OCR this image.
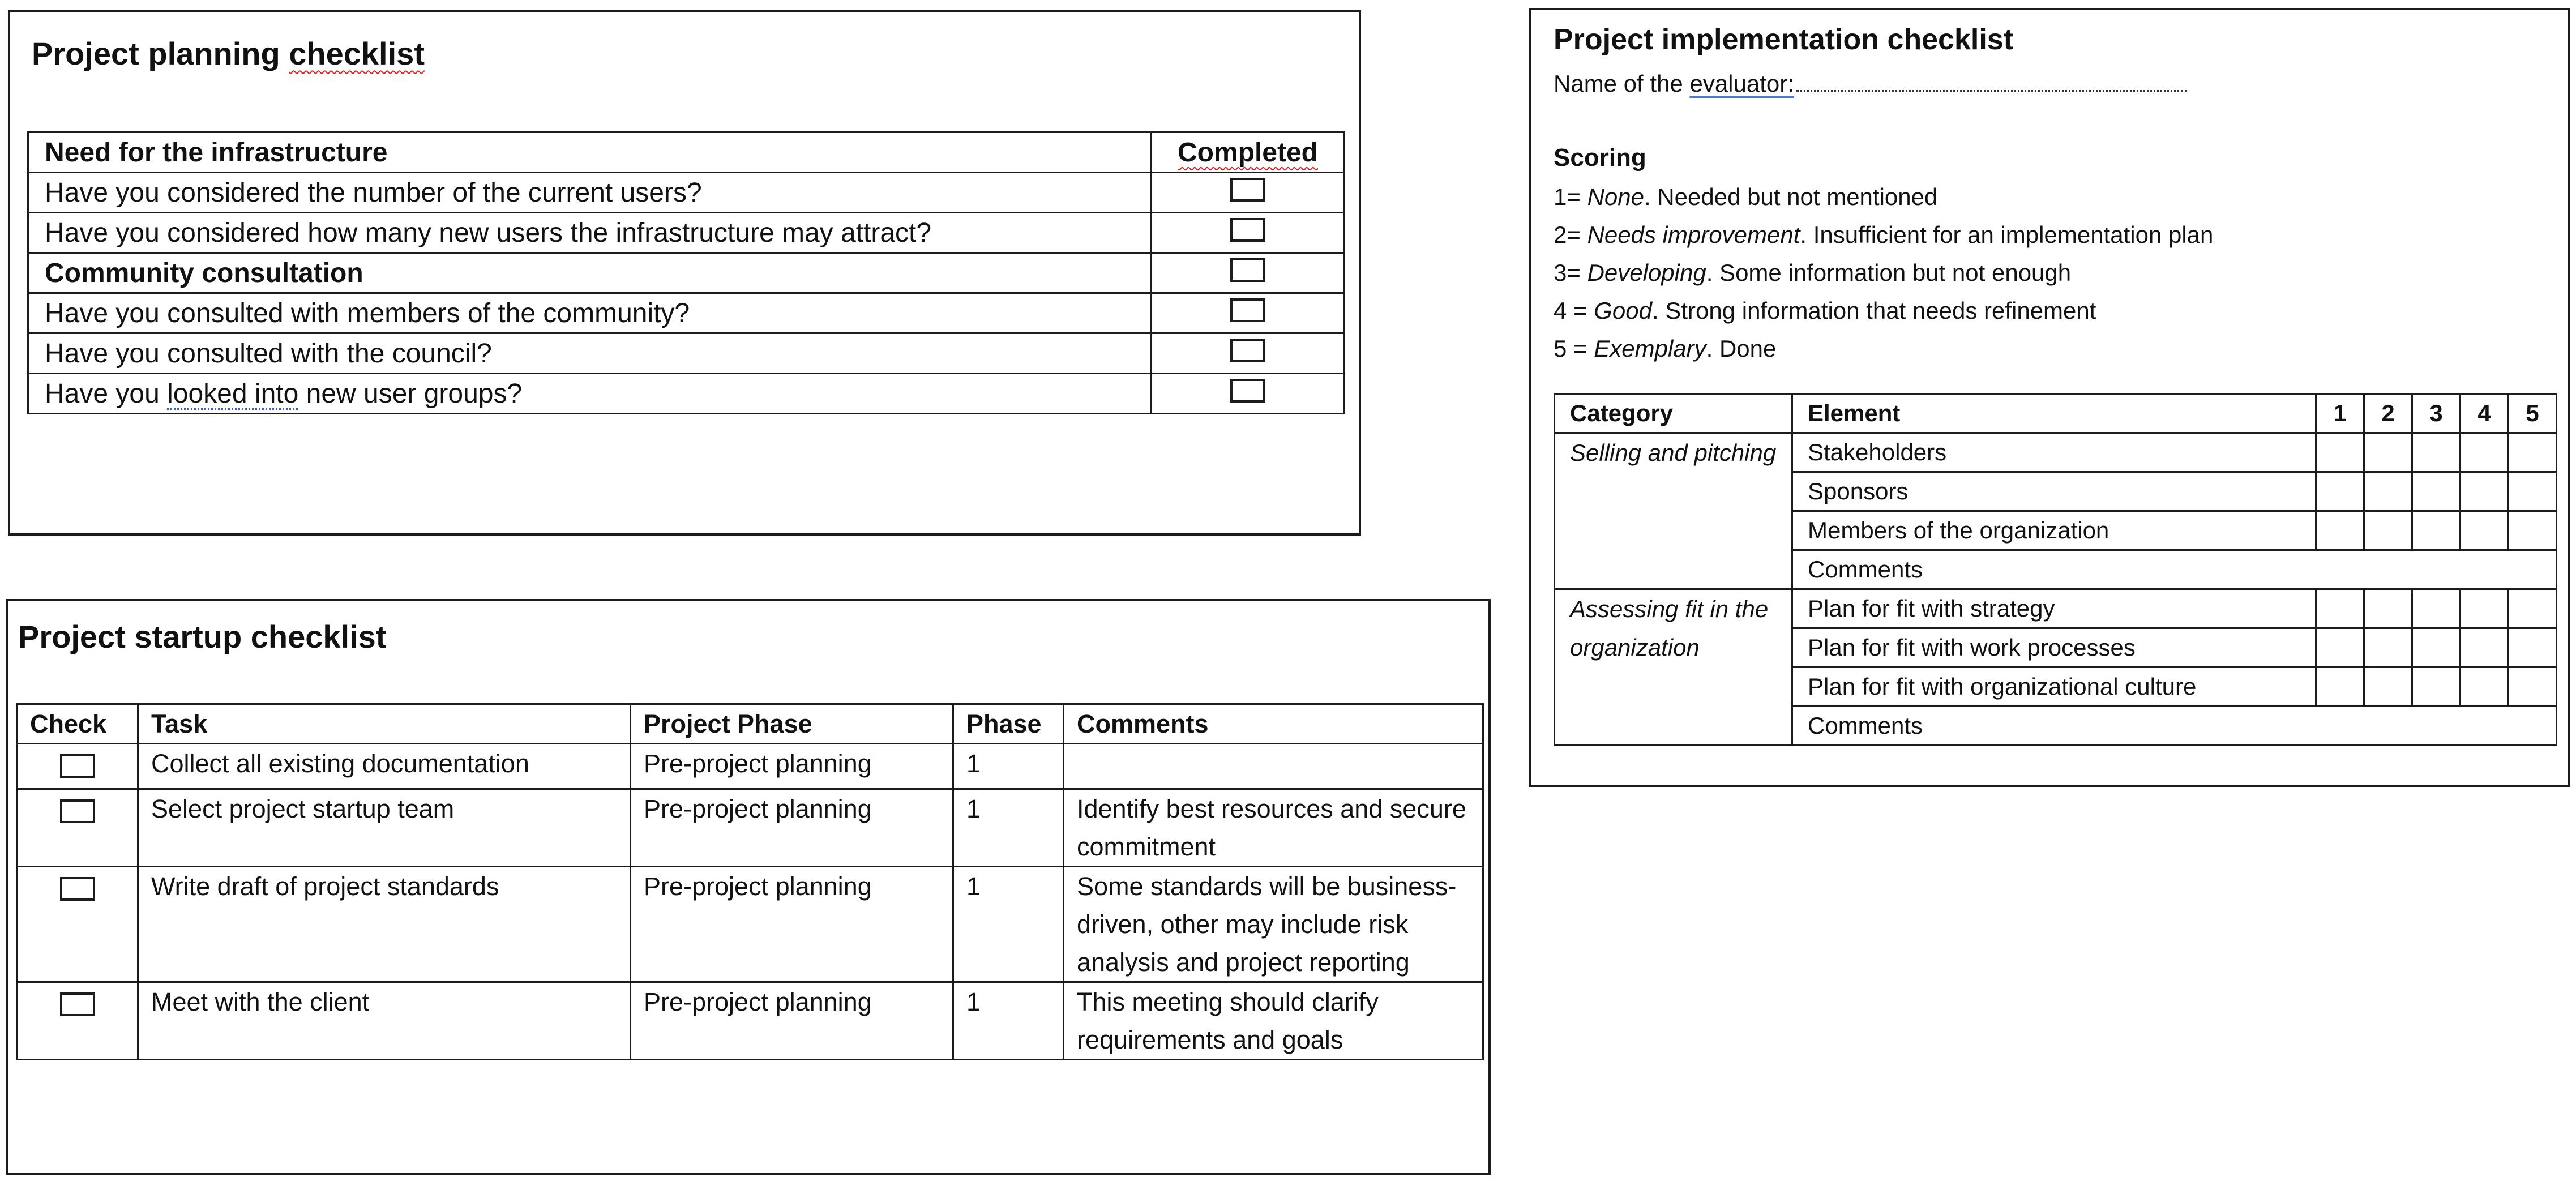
Project planning checklist
Need for the infrastructure	Completed
Have you considered the number of the current users?	
Have you considered how many new users the infrastructure may attract?	
Community consultation	
Have you consulted with members of the community?	
Have you consulted with the council?	
Have you looked into new user groups?	
Project startup checklist
Check	Task	Project Phase	Phase	Comments
	Collect all existing documentation	Pre-project planning	1	
	Select project startup team	Pre-project planning	1	Identify best resources and secure commitment
	Write draft of project standards	Pre-project planning	1	Some standards will be business-driven, other may include risk analysis and project reporting
	Meet with the client	Pre-project planning	1	This meeting should clarify requirements and goals
Project implementation checklist
Name of the evaluator:
Scoring
1= None. Needed but not mentioned
2= Needs improvement. Insufficient for an implementation plan
3= Developing. Some information but not enough
4 = Good. Strong information that needs refinement
5 = Exemplary. Done
Category	Element	1	2	3	4	5
Selling and pitching	Stakeholders					
	Sponsors					
	Members of the organization					
	Comments					
Assessing fit in the organization	Plan for fit with strategy					
	Plan for fit with work processes					
	Plan for fit with organizational culture					
	Comments					
